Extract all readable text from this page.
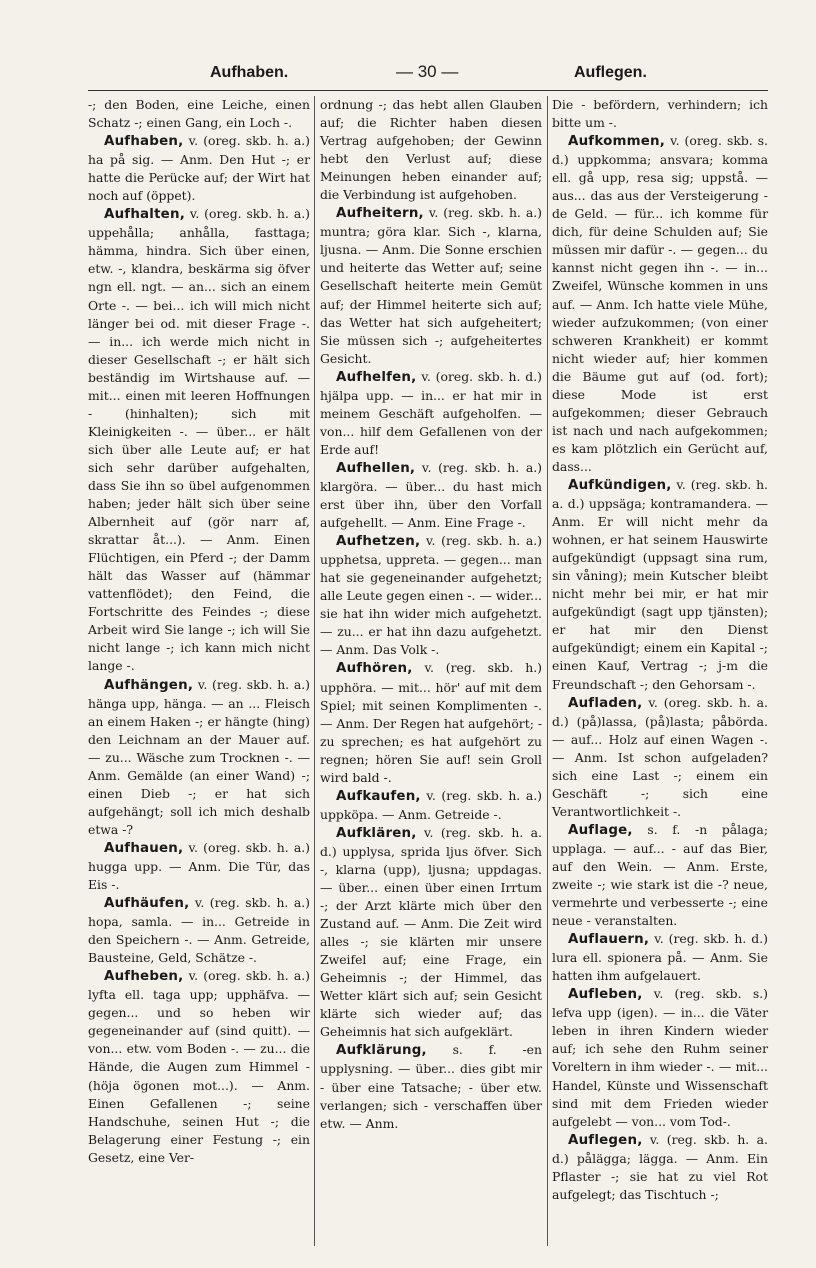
Aufhaben.	— 30 —	Auflegen.

-; den Boden, eine Leiche, einen Schatz -; einen Gang, ein Loch -.

Aufhaben, v. (oreg. skb. h. a.) ha på sig. — Anm. Den Hut -; er hatte die Perücke auf; der Wirt hat noch auf (öppet).

Aufhalten, v. (oreg. skb. h. a.) uppehålla; anhålla, fasttaga; hämma, hindra. Sich über einen, etw. -, klandra, beskärma sig öfver ngn ell. ngt. — an... sich an einem Orte -. — bei... ich will mich nicht länger bei od. mit dieser Frage -. — in... ich werde mich nicht in dieser Gesellschaft -; er hält sich beständig im Wirtshause auf. — mit... einen mit leeren Hoffnungen - (hinhalten); sich mit Kleinigkeiten -. — über... er hält sich über alle Leute auf; er hat sich sehr darüber aufgehalten, dass Sie ihn so übel aufgenommen haben; jeder hält sich über seine Albernheit auf (gör narr af, skrattar åt...). — Anm. Einen Flüchtigen, ein Pferd -; der Damm hält das Wasser auf (hämmar vattenflödet); den Feind, die Fortschritte des Feindes -; diese Arbeit wird Sie lange -; ich will Sie nicht lange -; ich kann mich nicht lange -.

Aufhängen, v. (reg. skb. h. a.) hänga upp, hänga. — an ... Fleisch an einem Haken -; er hängte (hing) den Leichnam an der Mauer auf. — zu... Wäsche zum Trocknen -. — Anm. Gemälde (an einer Wand) -; einen Dieb -; er hat sich aufgehängt; soll ich mich deshalb etwa -?

Aufhauen, v. (oreg. skb. h. a.) hugga upp. — Anm. Die Tür, das Eis -.

Aufhäufen, v. (reg. skb. h. a.) hopa, samla. — in... Getreide in den Speichern -. — Anm. Getreide, Bausteine, Geld, Schätze -.

Aufheben, v. (oreg. skb. h. a.) lyfta ell. taga upp; upphäfva. — gegen... und so heben wir gegeneinander auf (sind quitt). — von... etw. vom Boden -. — zu... die Hände, die Augen zum Himmel - (höja ögonen mot...). — Anm. Einen Gefallenen -; seine Handschuhe, seinen Hut -; die Belagerung einer Festung -; ein Gesetz, eine Ver-

ordnung -; das hebt allen Glauben auf; die Richter haben diesen Vertrag aufgehoben; der Gewinn hebt den Verlust auf; diese Meinungen heben einander auf; die Verbindung ist aufgehoben.

Aufheitern, v. (reg. skb. h. a.) muntra; göra klar. Sich -, klarna, ljusna. — Anm. Die Sonne erschien und heiterte das Wetter auf; seine Gesellschaft heiterte mein Gemüt auf; der Himmel heiterte sich auf; das Wetter hat sich aufgeheitert; Sie müssen sich -; aufgeheitertes Gesicht.

Aufhelfen, v. (oreg. skb. h. d.) hjälpa upp. — in... er hat mir in meinem Geschäft aufgeholfen. — von... hilf dem Gefallenen von der Erde auf!

Aufhellen, v. (reg. skb. h. a.) klargöra. — über... du hast mich erst über ihn, über den Vorfall aufgehellt. — Anm. Eine Frage -.

Aufhetzen, v. (reg. skb. h. a.) upphetsa, uppreta. — gegen... man hat sie gegeneinander aufgehetzt; alle Leute gegen einen -. — wider... sie hat ihn wider mich aufgehetzt. — zu... er hat ihn dazu aufgehetzt. — Anm. Das Volk -.

Aufhören, v. (reg. skb. h.) upphöra. — mit... hör' auf mit dem Spiel; mit seinen Komplimenten -. — Anm. Der Regen hat aufgehört; - zu sprechen; es hat aufgehört zu regnen; hören Sie auf! sein Groll wird bald -.

Aufkaufen, v. (reg. skb. h. a.) uppköpa. — Anm. Getreide -.

Aufklären, v. (reg. skb. h. a. d.) upplysa, sprida ljus öfver. Sich -, klarna (upp), ljusna; uppdagas. — über... einen über einen Irrtum -; der Arzt klärte mich über den Zustand auf. — Anm. Die Zeit wird alles -; sie klärten mir unsere Zweifel auf; eine Frage, ein Geheimnis -; der Himmel, das Wetter klärt sich auf; sein Gesicht klärte sich wieder auf; das Geheimnis hat sich aufgeklärt.

Aufklärung, s. f. -en upplysning. — über... dies gibt mir - über eine Tatsache; - über etw. verlangen; sich - verschaffen über etw. — Anm.

Die - befördern, verhindern; ich bitte um -.

Aufkommen, v. (oreg. skb. s. d.) uppkomma; ansvara; komma ell. gå upp, resa sig; uppstå. — aus... das aus der Versteigerung -de Geld. — für... ich komme für dich, für deine Schulden auf; Sie müssen mir dafür -. — gegen... du kannst nicht gegen ihn -. — in... Zweifel, Wünsche kommen in uns auf. — Anm. Ich hatte viele Mühe, wieder aufzukommen; (von einer schweren Krankheit) er kommt nicht wieder auf; hier kommen die Bäume gut auf (od. fort); diese Mode ist erst aufgekommen; dieser Gebrauch ist nach und nach aufgekommen; es kam plötzlich ein Gerücht auf, dass...

Aufkündigen, v. (reg. skb. h. a. d.) uppsäga; kontramandera. — Anm. Er will nicht mehr da wohnen, er hat seinem Hauswirte aufgekündigt (uppsagt sina rum, sin våning); mein Kutscher bleibt nicht mehr bei mir, er hat mir aufgekündigt (sagt upp tjänsten); er hat mir den Dienst aufgekündigt; einem ein Kapital -; einen Kauf, Vertrag -; j-m die Freundschaft -; den Gehorsam -.

Aufladen, v. (oreg. skb. h. a. d.) (på)lassa, (på)lasta; påbörda. — auf... Holz auf einen Wagen -. — Anm. Ist schon aufgeladen? sich eine Last -; einem ein Geschäft -; sich eine Verantwortlichkeit -.

Auflage, s. f. -n pålaga; upplaga. — auf... - auf das Bier, auf den Wein. — Anm. Erste, zweite -; wie stark ist die -? neue, vermehrte und verbesserte -; eine neue - veranstalten.

Auflauern, v. (reg. skb. h. d.) lura ell. spionera på. — Anm. Sie hatten ihm aufgelauert.

Aufleben, v. (reg. skb. s.) lefva upp (igen). — in... die Väter leben in ihren Kindern wieder auf; ich sehe den Ruhm seiner Voreltern in ihm wieder -. — mit... Handel, Künste und Wissenschaft sind mit dem Frieden wieder aufgelebt — von... vom Tod-.

Auflegen, v. (reg. skb. h. a. d.) pålägga; lägga. — Anm. Ein Pflaster -; sie hat zu viel Rot aufgelegt; das Tischtuch -;
